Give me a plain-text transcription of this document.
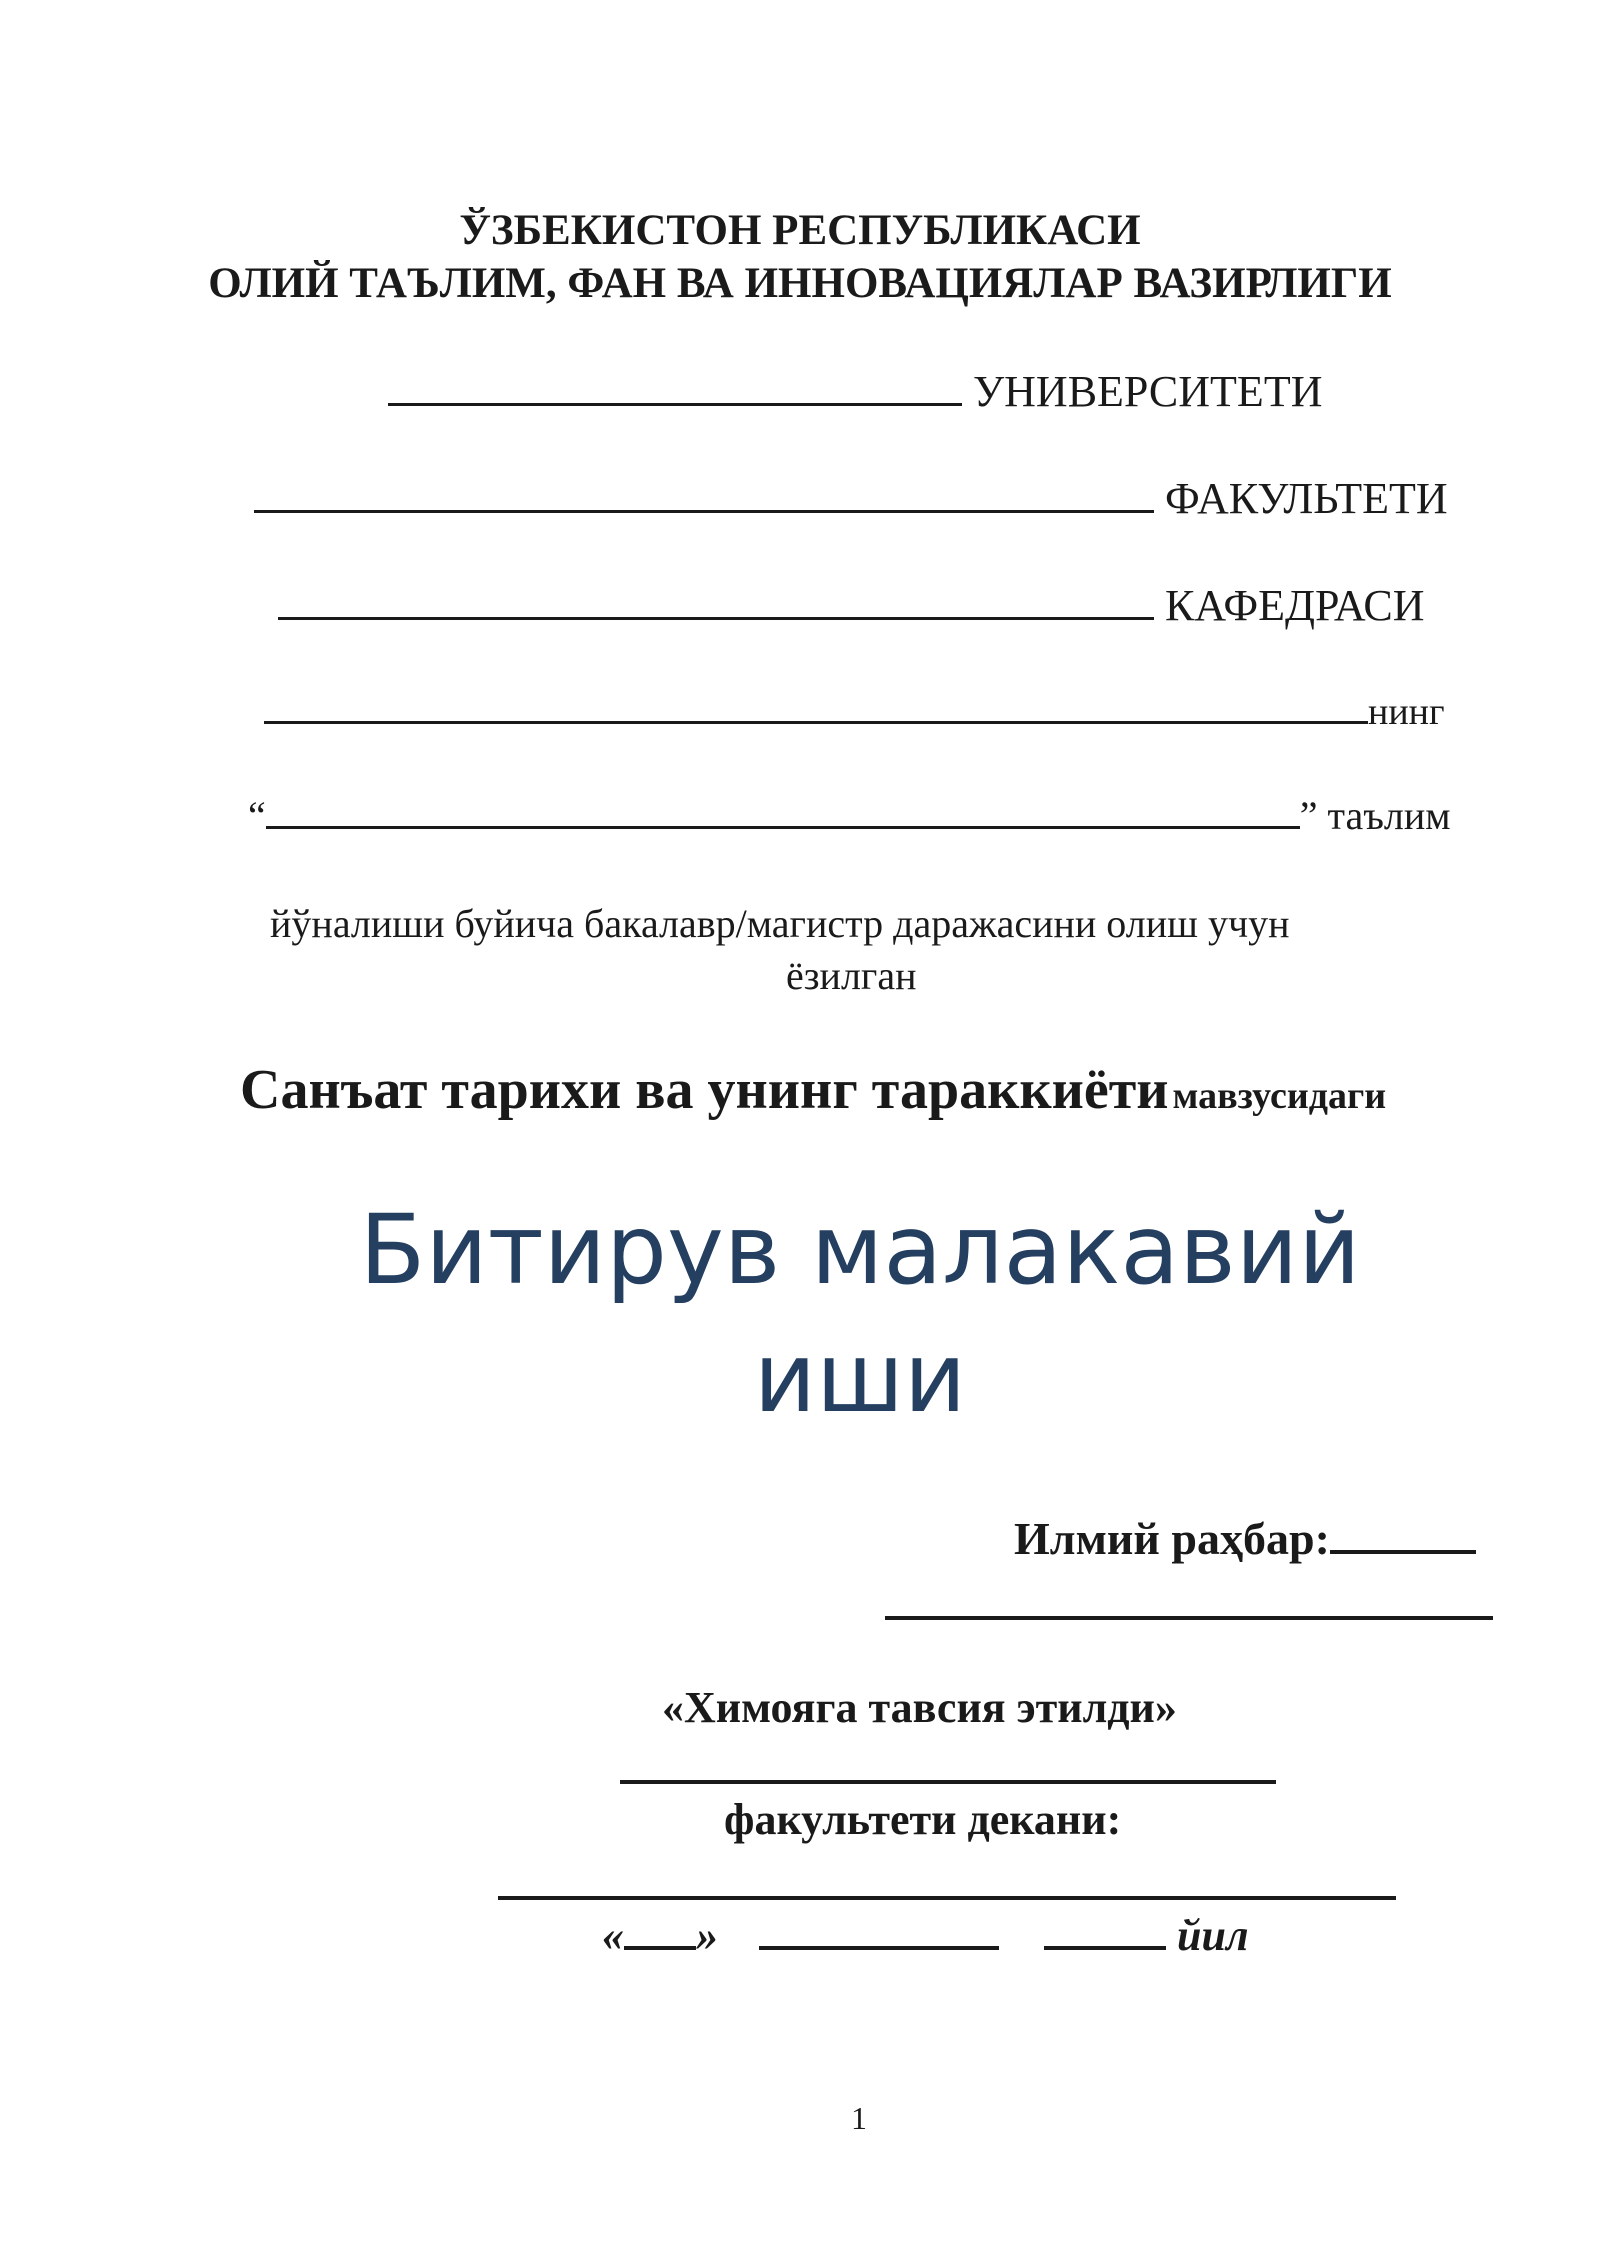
ЎЗБЕКИСТОН РЕСПУБЛИКАСИ
ОЛИЙ ТАЪЛИМ, ФАН ВА ИННОВАЦИЯЛАР ВАЗИРЛИГИ
УНИВЕРСИТЕТИ
ФАКУЛЬТЕТИ
КАФЕДРАСИ
нинг
“	” таълим
йўналиши буйича бакалавр/магистр даражасини олиш учун
ёзилган
Санъат тарихи ва унинг тараккиёти мавзусидаги
Битирув малакавий
иши
Илмий раҳбар:
«Химояга тавсия этилди»
факультети декани:
« »	йил
1
